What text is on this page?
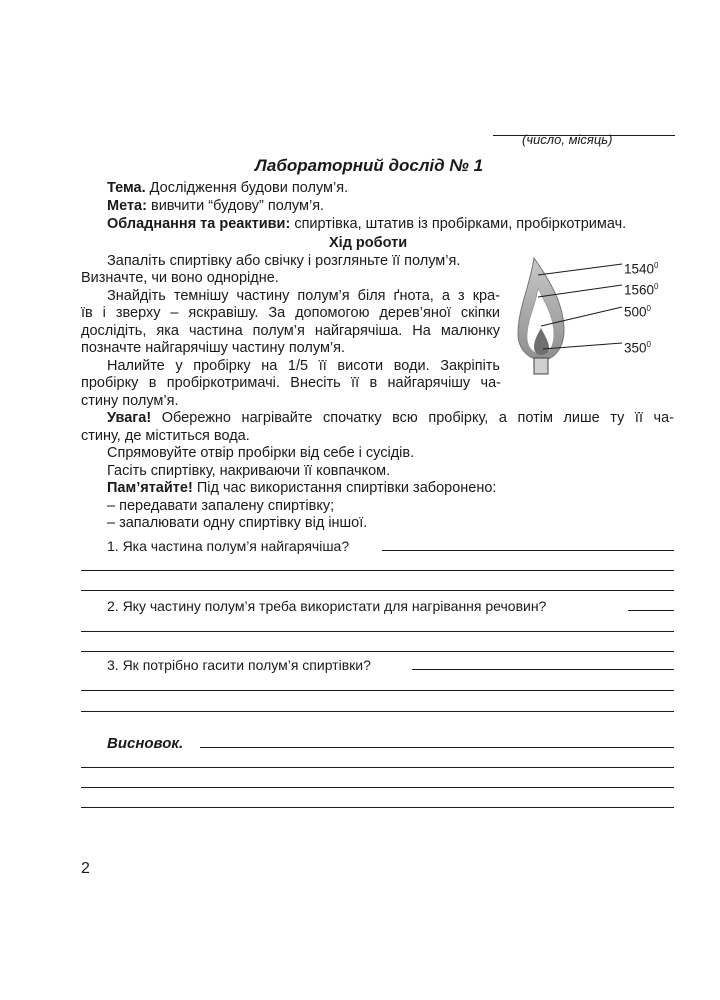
(число, місяць)
Лабораторний дослід № 1
Тема. Дослідження будови полум’я.
Мета: вивчити “будову” полум’я.
Обладнання та реактиви: спиртівка, штатив із пробірками, пробіркотримач.
Хід роботи
Запаліть спиртівку або свічку і розгляньте її полум’я.
Визначте, чи воно однорідне.
Знайдіть темнішу частину полум’я біля ґнота, а з кра-
їв і зверху – яскравішу. За допомогою дерев’яної скіпки
дослідіть, яка частина полум’я найгарячіша. На малюнку
позначте найгарячішу частину полум’я.
Налийте у пробірку на 1/5 її висоти води. Закріпіть
пробірку в пробіркотримачі. Внесіть її в найгарячішу ча-
стину полум’я.
1540$^0$
1560$^0$
$500^0$
$350^0$
Увага! Обережно нагрівайте спочатку всю пробірку, а потім лише ту її ча-
стину, де міститься вода.
Спрямовуйте отвір пробірки від себе і сусідів.
Гасіть спиртівку, накриваючи її ковпачком.
Пам’ятайте! Під час використання спиртівки заборонено:
– передавати запалену спиртівку;
– запалювати одну спиртівку від іншої.
1. Яка частина полум’я найгарячіша?
2. Яку частину полум’я треба використати для нагрівання речовин?
3. Як потрібно гасити полум’я спиртівки?
Висновок.
2
